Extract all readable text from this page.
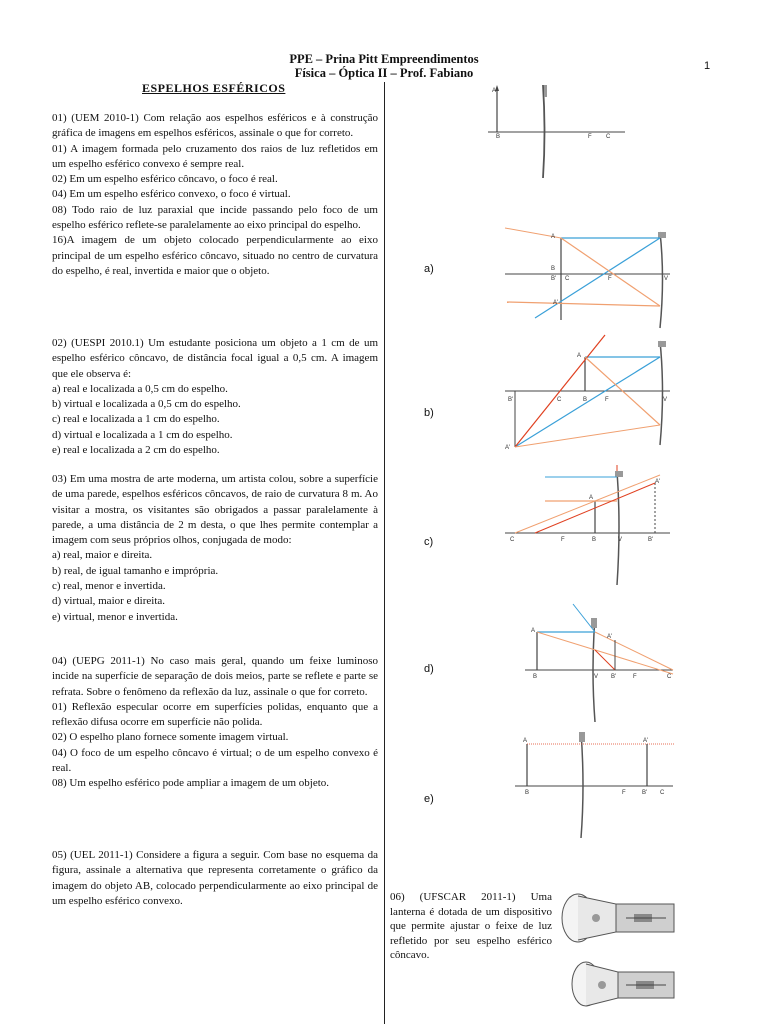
PPE – Prina Pitt Empreendimentos
Física – Óptica II – Prof. Fabiano	1
ESPELHOS ESFÉRICOS

01) (UEM 2010-1) Com relação aos espelhos esféricos e à construção gráfica de imagens em espelhos esféricos, assinale o que for correto.

01) A imagem formada pelo cruzamento dos raios de luz refletidos em um espelho esférico convexo é sempre real.

02) Em um espelho esférico côncavo, o foco é real.

04) Em um espelho esférico convexo, o foco é virtual.

08) Todo raio de luz paraxial que incide passando pelo foco de um espelho esférico reflete-se paralelamente ao eixo principal do espelho.

16)A imagem de um objeto colocado perpendicularmente ao eixo principal de um espelho esférico côncavo, situado no centro de curvatura do espelho, é real, invertida e maior que o objeto.

02) (UESPI 2010.1) Um estudante posiciona um objeto a 1 cm de um espelho esférico côncavo, de distância focal igual a 0,5 cm. A imagem que ele observa é:

a) real e localizada a 0,5 cm do espelho.

b) virtual e localizada a 0,5 cm do espelho.

c) real e localizada a 1 cm do espelho.

d) virtual e localizada a 1 cm do espelho.

e) real e localizada a 2 cm do espelho.

03) Em uma mostra de arte moderna, um artista colou, sobre a superfície de uma parede, espelhos esféricos côncavos, de raio de curvatura 8 m. Ao visitar a mostra, os visitantes são obrigados a passar paralelamente à parede, a uma distância de 2 m desta, o que lhes permite contemplar a imagem com seus próprios olhos, conjugada de modo:

a) real, maior e direita.

b) real, de igual tamanho e imprópria.

c) real, menor e invertida.

d) virtual, maior e direita.

e) virtual, menor e invertida.

04) (UEPG 2011-1) No caso mais geral, quando um feixe luminoso incide na superfície de separação de dois meios, parte se reflete e parte se refrata. Sobre o fenômeno da reflexão da luz, assinale o que for correto.

01) Reflexão especular ocorre em superfícies polidas, enquanto que a reflexão difusa ocorre em superfície não polida.

02) O espelho plano fornece somente imagem virtual.

04) O foco de um espelho côncavo é virtual; o de um espelho convexo é real.

08) Um espelho esférico pode ampliar a imagem de um objeto.

05) (UEL 2011-1) Considere a figura a seguir. Com base no esquema da figura, assinale a alternativa que representa corretamente o gráfico da imagem do objeto AB, colocado perpendicularmente ao eixo principal de um espelho esférico convexo.	06) (UFSCAR 2011-1) Uma lanterna é dotada de um dispositivo que permite ajustar o feixe de luz refletido por seu espelho esférico côncavo.
A
B	F C
a)
A
B
B' C	F	V
A'
b)
A
B'	C	B	F	V
A'
c)
A
A'
C	F	B	V	B'
d)
A
A'
B	V B'	F	C
e)
A	A'
B	F	B' C
